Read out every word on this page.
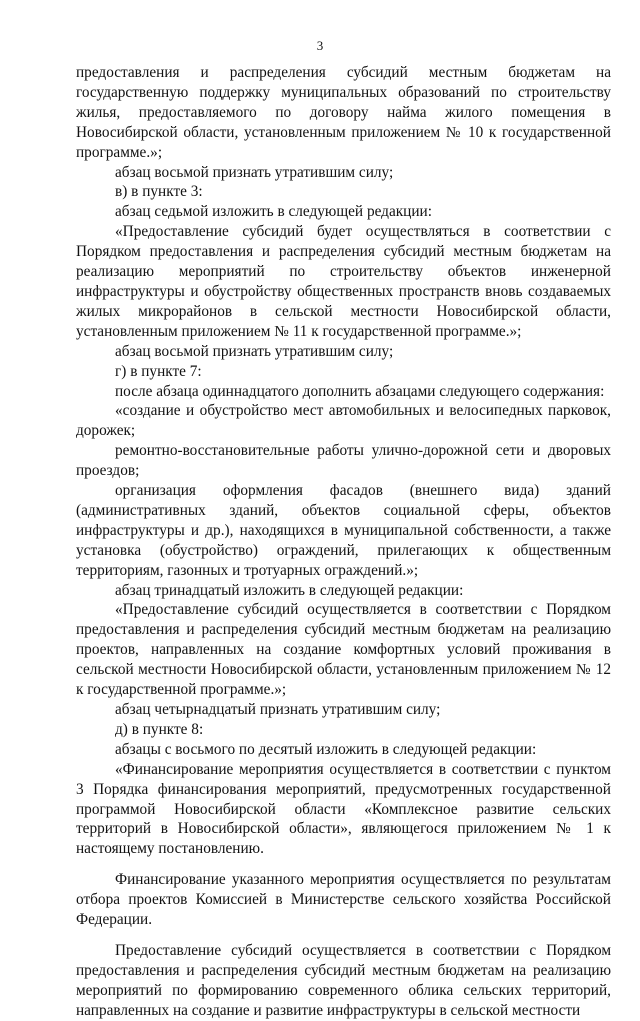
3

предоставления и распределения субсидий местным бюджетам на государственную поддержку муниципальных образований по строительству жилья, предоставляемого по договору найма жилого помещения в Новосибирской области, установленным приложением № 10 к государственной программе.»;

абзац восьмой признать утратившим силу;

в) в пункте 3:

абзац седьмой изложить в следующей редакции:

«Предоставление субсидий будет осуществляться в соответствии с Порядком предоставления и распределения субсидий местным бюджетам на реализацию мероприятий по строительству объектов инженерной инфраструктуры и обустройству общественных пространств вновь создаваемых жилых микрорайонов в сельской местности Новосибирской области, установленным приложением № 11 к государственной программе.»;

абзац восьмой признать утратившим силу;

г) в пункте 7:

после абзаца одиннадцатого дополнить абзацами следующего содержания:

«создание и обустройство мест автомобильных и велосипедных парковок, дорожек;

ремонтно-восстановительные работы улично-дорожной сети и дворовых проездов;

организация оформления фасадов (внешнего вида) зданий (административных зданий, объектов социальной сферы, объектов инфраструктуры и др.), находящихся в муниципальной собственности, а также установка (обустройство) ограждений, прилегающих к общественным территориям, газонных и тротуарных ограждений.»;

абзац тринадцатый изложить в следующей редакции:

«Предоставление субсидий осуществляется в соответствии с Порядком предоставления и распределения субсидий местным бюджетам на реализацию проектов, направленных на создание комфортных условий проживания в сельской местности Новосибирской области, установленным приложением № 12 к государственной программе.»;

абзац четырнадцатый признать утратившим силу;

д) в пункте 8:

абзацы с восьмого по десятый изложить в следующей редакции:

«Финансирование мероприятия осуществляется в соответствии с пунктом 3 Порядка финансирования мероприятий, предусмотренных государственной программой Новосибирской области «Комплексное развитие сельских территорий в Новосибирской области», являющегося приложением № 1 к настоящему постановлению.

Финансирование указанного мероприятия осуществляется по результатам отбора проектов Комиссией в Министерстве сельского хозяйства Российской Федерации.

Предоставление субсидий осуществляется в соответствии с Порядком предоставления и распределения субсидий местным бюджетам на реализацию мероприятий по формированию современного облика сельских территорий, направленных на создание и развитие инфраструктуры в сельской местности
